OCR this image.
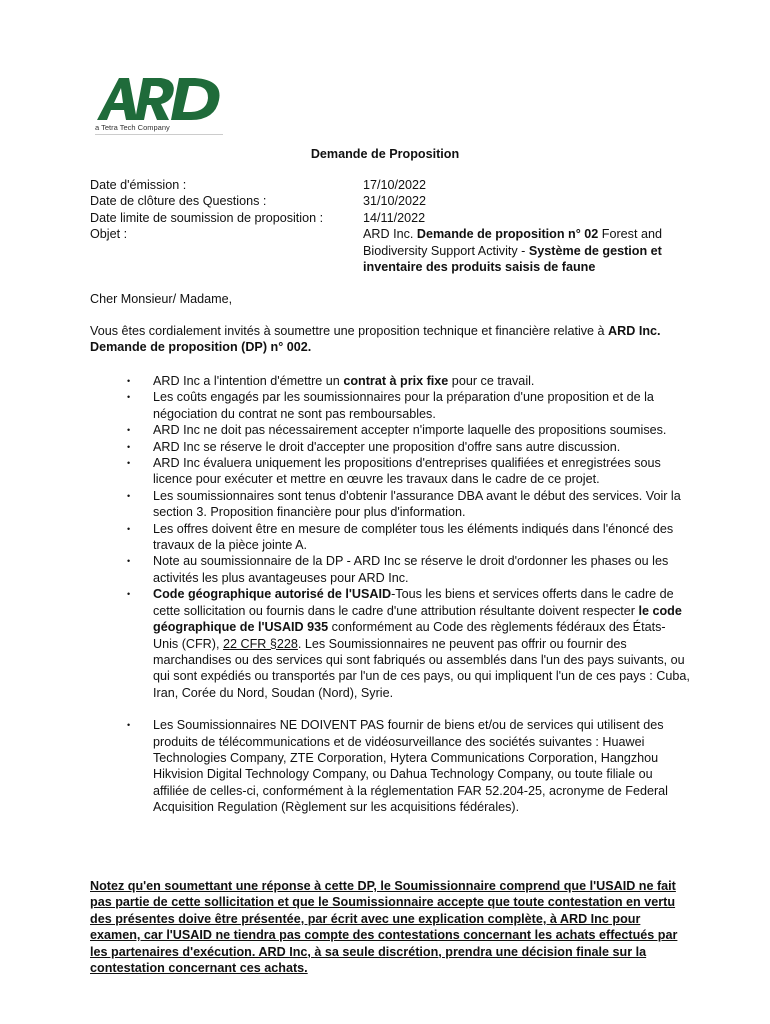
a Tetra Tech Company
Demande de Proposition
Date d'émission :	17/10/2022
Date de clôture des Questions :	31/10/2022
Date limite de soumission de proposition :	14/11/2022
Objet :	ARD Inc. Demande de proposition n° 02 Forest and Biodiversity Support Activity - Système de gestion et inventaire des produits saisis de faune
Cher Monsieur/ Madame,
Vous êtes cordialement invités à soumettre une proposition technique et financière relative à ARD Inc. Demande de proposition (DP) n° 002.
• ARD Inc a l'intention d'émettre un contrat à prix fixe pour ce travail.
• Les coûts engagés par les soumissionnaires pour la préparation d'une proposition et de la négociation du contrat ne sont pas remboursables.
• ARD Inc ne doit pas nécessairement accepter n'importe laquelle des propositions soumises.
• ARD Inc se réserve le droit d'accepter une proposition d'offre sans autre discussion.
• ARD Inc évaluera uniquement les propositions d'entreprises qualifiées et enregistrées sous licence pour exécuter et mettre en œuvre les travaux dans le cadre de ce projet.
• Les soumissionnaires sont tenus d'obtenir l'assurance DBA avant le début des services. Voir la section 3. Proposition financière pour plus d'information.
• Les offres doivent être en mesure de compléter tous les éléments indiqués dans l'énoncé des travaux de la pièce jointe A.
• Note au soumissionnaire de la DP - ARD Inc se réserve le droit d'ordonner les phases ou les activités les plus avantageuses pour ARD Inc.
• Code géographique autorisé de l'USAID-Tous les biens et services offerts dans le cadre de cette sollicitation ou fournis dans le cadre d'une attribution résultante doivent respecter le code géographique de l'USAID 935 conformément au Code des règlements fédéraux des États-Unis (CFR), 22 CFR §228. Les Soumissionnaires ne peuvent pas offrir ou fournir des marchandises ou des services qui sont fabriqués ou assemblés dans l'un des pays suivants, ou qui sont expédiés ou transportés par l'un de ces pays, ou qui impliquent l'un de ces pays : Cuba, Iran, Corée du Nord, Soudan (Nord), Syrie.
• Les Soumissionnaires NE DOIVENT PAS fournir de biens et/ou de services qui utilisent des produits de télécommunications et de vidéosurveillance des sociétés suivantes : Huawei Technologies Company, ZTE Corporation, Hytera Communications Corporation, Hangzhou Hikvision Digital Technology Company, ou Dahua Technology Company, ou toute filiale ou affiliée de celles-ci, conformément à la réglementation FAR 52.204-25, acronyme de Federal Acquisition Regulation (Règlement sur les acquisitions fédérales).
Notez qu'en soumettant une réponse à cette DP, le Soumissionnaire comprend que l'USAID ne fait pas partie de cette sollicitation et que le Soumissionnaire accepte que toute contestation en vertu des présentes doive être présentée, par écrit avec une explication complète, à ARD Inc pour examen, car l'USAID ne tiendra pas compte des contestations concernant les achats effectués par les partenaires d'exécution. ARD Inc, à sa seule discrétion, prendra une décision finale sur la contestation concernant ces achats.
